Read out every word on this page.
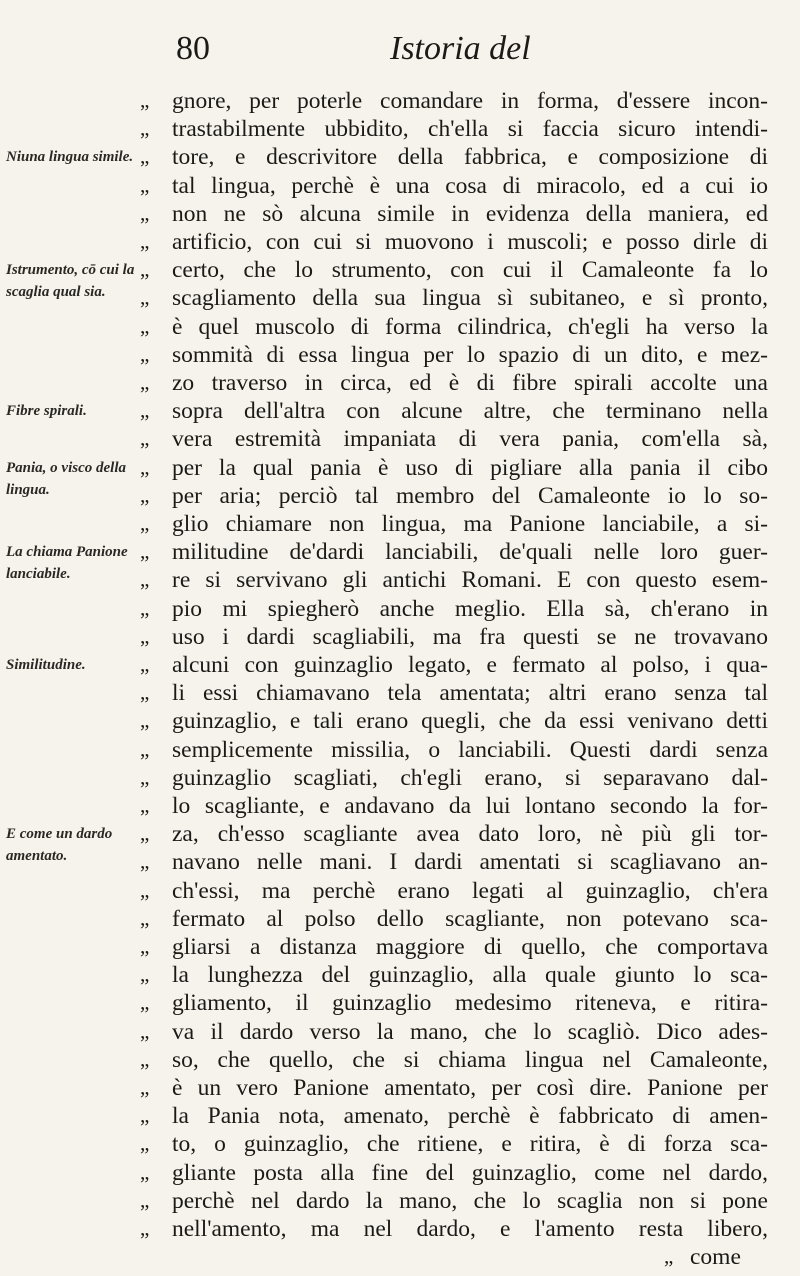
80	Istoria del
Niuna lingua simile.
Istrumento, cō cui la scaglia qual sia.
Fibre spirali.
Pania, o visco della lingua.
La chiama Panione lanciabile.
Similitudine.
E come un dardo amentato.
„ gnore, per poterle comandare in forma, d'essere incon-
„ trastabilmente ubbidito, ch'ella si faccia sicuro intendi-
„ tore, e descrivitore della fabbrica, e composizione di
„ tal lingua, perchè è una cosa di miracolo, ed a cui io
„ non ne sò alcuna simile in evidenza della maniera, ed
„ artificio, con cui si muovono i muscoli; e posso dirle di
„ certo, che lo strumento, con cui il Camaleonte fa lo
„ scagliamento della sua lingua sì subitaneo, e sì pronto,
„ è quel muscolo di forma cilindrica, ch'egli ha verso la
„ sommità di essa lingua per lo spazio di un dito, e mez-
„ zo traverso in circa, ed è di fibre spirali accolte una
„ sopra dell'altra con alcune altre, che terminano nella
„ vera estremità impaniata di vera pania, com'ella sà,
„ per la qual pania è uso di pigliare alla pania il cibo
„ per aria; perciò tal membro del Camaleonte io lo so-
„ glio chiamare non lingua, ma Panione lanciabile, a si-
„ militudine de'dardi lanciabili, de'quali nelle loro guer-
„ re si servivano gli antichi Romani. E con questo esem-
„ pio mi spiegherò anche meglio. Ella sà, ch'erano in
„ uso i dardi scagliabili, ma fra questi se ne trovavano
„ alcuni con guinzaglio legato, e fermato al polso, i qua-
„ li essi chiamavano tela amentata; altri erano senza tal
„ guinzaglio, e tali erano quegli, che da essi venivano detti
„ semplicemente missilia, o lanciabili. Questi dardi senza
„ guinzaglio scagliati, ch'egli erano, si separavano dal-
„ lo scagliante, e andavano da lui lontano secondo la for-
„ za, ch'esso scagliante avea dato loro, nè più gli tor-
„ navano nelle mani. I dardi amentati si scagliavano an-
„ ch'essi, ma perchè erano legati al guinzaglio, ch'era
„ fermato al polso dello scagliante, non potevano sca-
„ gliarsi a distanza maggiore di quello, che comportava
„ la lunghezza del guinzaglio, alla quale giunto lo sca-
„ gliamento, il guinzaglio medesimo riteneva, e ritira-
„ va il dardo verso la mano, che lo scagliò. Dico ades-
„ so, che quello, che si chiama lingua nel Camaleonte,
„ è un vero Panione amentato, per così dire. Panione per
„ la Pania nota, amenato, perchè è fabbricato di amen-
„ to, o guinzaglio, che ritiene, e ritira, è di forza sca-
„ gliante posta alla fine del guinzaglio, come nel dardo,
„ perchè nel dardo la mano, che lo scaglia non si pone
„ nell'amento, ma nel dardo, e l'amento resta libero,
„ come
